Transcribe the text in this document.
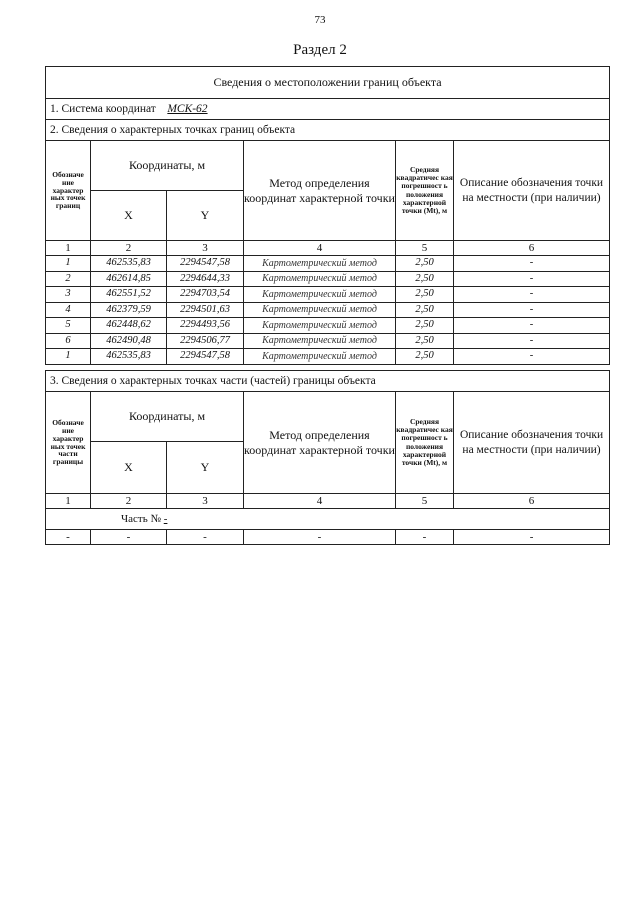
73
Раздел 2
Сведения о местоположении границ объекта					
1. Система координат МСК-62					
2. Сведения о характерных точках границ объекта					
Обозначе ние характер ных точек границ	Координаты, м		Метод определения координат характерной точки	Средняя квадратичес кая погрешност ь положения характерной точки (Mt), м	Описание обозначения точки на местности (при наличии)
	X	Y			
1	2	3	4	5	6
1	462535,83	2294547,58	Картометрический метод	2,50	-
2	462614,85	2294644,33	Картометрический метод	2,50	-
3	462551,52	2294703,54	Картометрический метод	2,50	-
4	462379,59	2294501,63	Картометрический метод	2,50	-
5	462448,62	2294493,56	Картометрический метод	2,50	-
6	462490,48	2294506,77	Картометрический метод	2,50	-
1	462535,83	2294547,58	Картометрический метод	2,50	-
3. Сведения о характерных точках части (частей) границы объекта					
Обозначе ние характер ных точек части границы	Координаты, м		Метод определения координат характерной точки	Средняя квадратичес кая погрешност ь положения характерной точки (Mt), м	Описание обозначения точки на местности (при наличии)
	X	Y			
1	2	3	4	5	6
Часть № -					
-	-	-	-	-	-
